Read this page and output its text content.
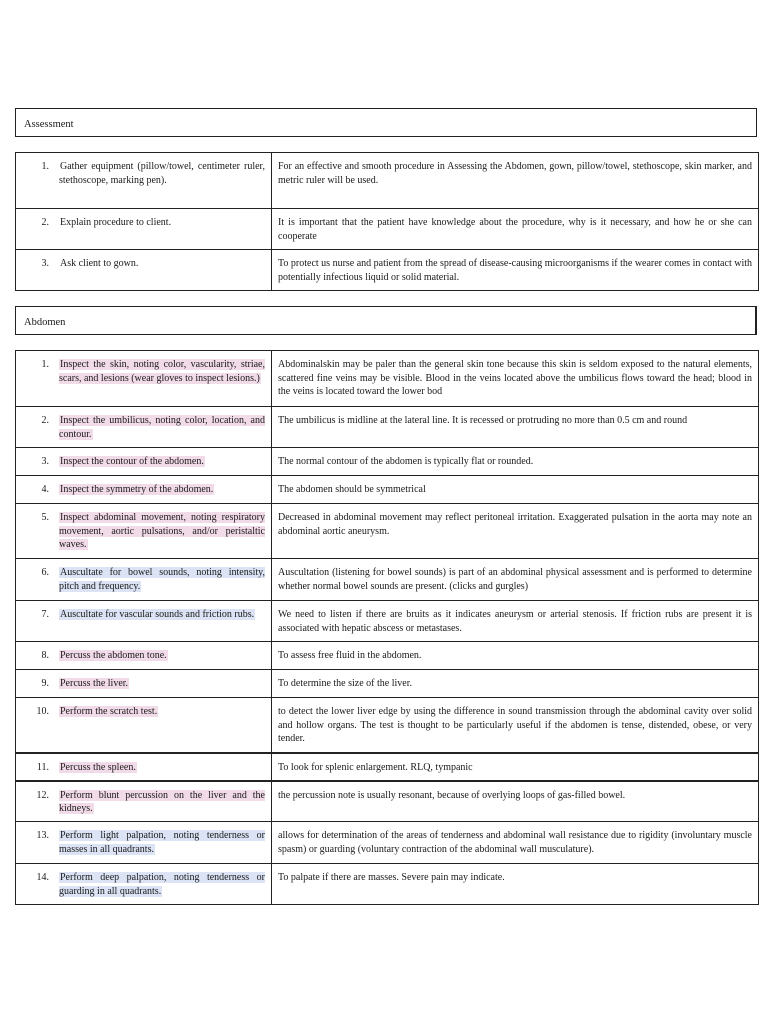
Assessment
1. Gather equipment (pillow/towel, centimeter ruler, stethoscope, marking pen).	For an effective and smooth procedure in Assessing the Abdomen, gown, pillow/towel, stethoscope, skin marker, and metric ruler will be used.

2. Explain procedure to client.	It is important that the patient have knowledge about the procedure, why is it necessary, and how he or she can cooperate

3. Ask client to gown.	To protect us nurse and patient from the spread of disease-causing microorganisms if the wearer comes in contact with potentially infectious liquid or solid material.
Abdomen
1. Inspect the skin, noting color, vascularity, striae, scars, and lesions (wear gloves to inspect lesions.)	Abdominalskin may be paler than the general skin tone because this skin is seldom exposed to the natural elements, scattered fine veins may be visible. Blood in the veins located above the umbilicus flows toward the head; blood in the veins is located toward the lower bod

2. Inspect the umbilicus, noting color, location, and contour.	The umbilicus is midline at the lateral line. It is recessed or protruding no more than 0.5 cm and round

3. Inspect the contour of the abdomen.	The normal contour of the abdomen is typically flat or rounded.

4. Inspect the symmetry of the abdomen.	The abdomen should be symmetrical

5. Inspect abdominal movement, noting respiratory movement, aortic pulsations, and/or peristaltic waves.	Decreased in abdominal movement may reflect peritoneal irritation. Exaggerated pulsation in the aorta may note an abdominal aortic aneurysm.

6. Auscultate for bowel sounds, noting intensity, pitch and frequency.	Auscultation (listening for bowel sounds) is part of an abdominal physical assessment and is performed to determine whether normal bowel sounds are present. (clicks and gurgles)

7. Auscultate for vascular sounds and friction rubs.	We need to listen if there are bruits as it indicates aneurysm or arterial stenosis. If friction rubs are present it is associated with hepatic abscess or metastases.

8. Percuss the abdomen tone.	To assess free fluid in the abdomen.

9. Percuss the liver.	To determine the size of the liver.

10. Perform the scratch test.	to detect the lower liver edge by using the difference in sound transmission through the abdominal cavity over solid and hollow organs. The test is thought to be particularly useful if the abdomen is tense, distended, obese, or very tender.

11. Percuss the spleen.	To look for splenic enlargement. RLQ, tympanic

12. Perform blunt percussion on the liver and the kidneys.	the percussion note is usually resonant, because of overlying loops of gas-filled bowel.

13. Perform light palpation, noting tenderness or masses in all quadrants.	allows for determination of the areas of tenderness and abdominal wall resistance due to rigidity (involuntary muscle spasm) or guarding (voluntary contraction of the abdominal wall musculature).

14. Perform deep palpation, noting tenderness or guarding in all quadrants.	To palpate if there are masses. Severe pain may indicate.
